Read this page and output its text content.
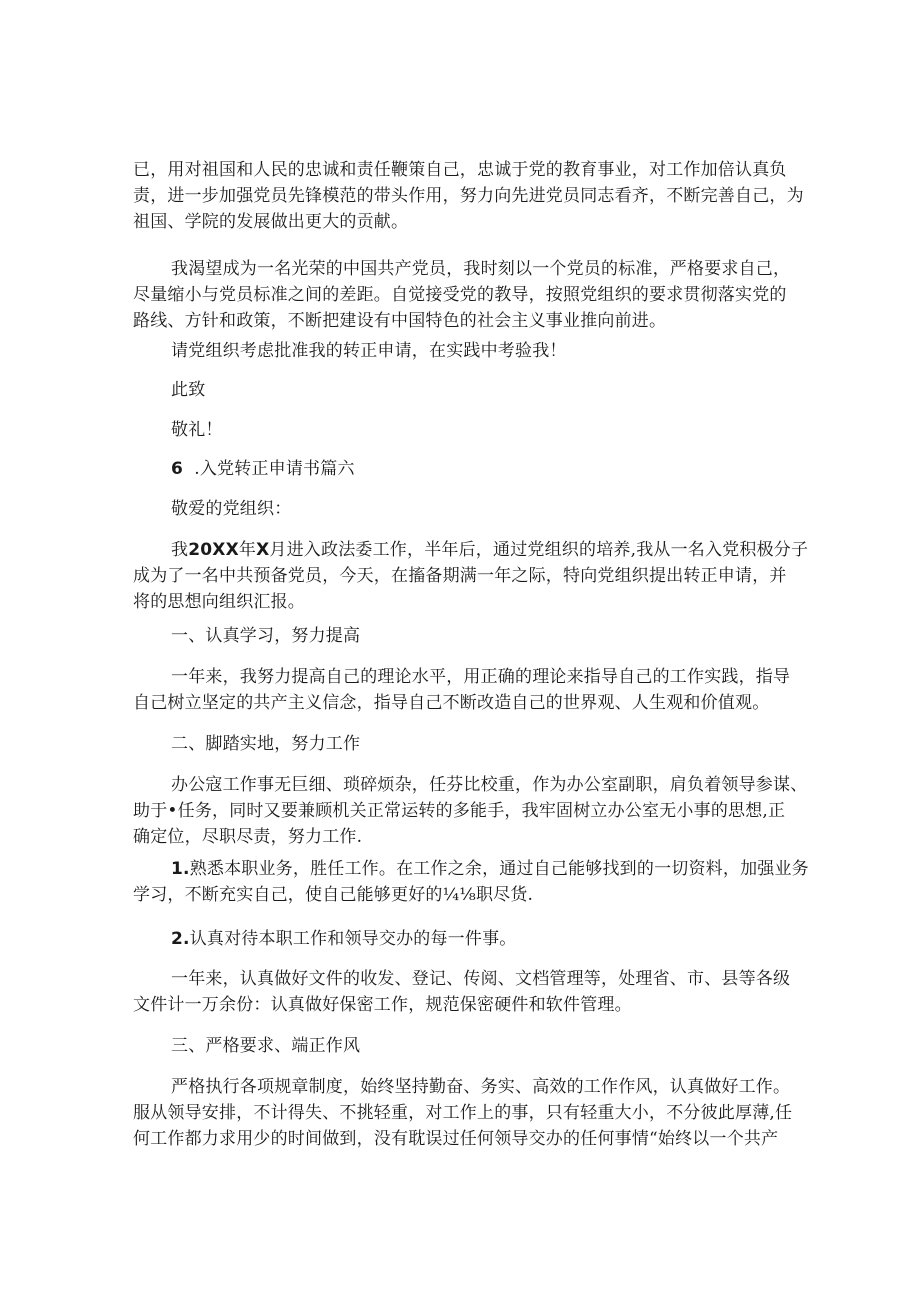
已，用对祖国和人民的忠诚和责任鞭策自己，忠诚于党的教育事业，对工作加倍认真负
责，进一步加强党员先锋模范的带头作用，努力向先进党员同志看齐，不断完善自己，为
祖国、学院的发展做出更大的贡献。
我渴望成为一名光荣的中国共产党员，我时刻以一个党员的标准，严格要求自己，
尽量缩小与党员标准之间的差距。自觉接受党的教导，按照党组织的要求贯彻落实党的
路线、方针和政策，不断把建设有中国特色的社会主义事业推向前进。
请党组织考虑批准我的转正申请，在实践中考验我！
此致
敬礼！
6  .入党转正申请书篇六
敬爱的党组织：
我20XX年X月进入政法委工作，半年后，通过党组织的培养,我从一名入党积极分子
成为了一名中共预备党员，今天，在搐备期满一年之际，特向党组织提出转正申请，并
将的思想向组织汇报。
一、认真学习，努力提高
一年来，我努力提高自己的理论水平，用正确的理论来指导自己的工作实践，指导
自己树立坚定的共产主义信念，指导自己不断改造自己的世界观、人生观和价值观。
二、脚踏实地，努力工作
办公寇工作事无巨细、琐碎烦杂，任芬比校重，作为办公室副职，肩负着领导参谋、
助于•任务，同时又要兼顾机关正常运转的多能手，我牢固树立办公室无小事的思想,正
确定位，尽职尽责，努力工作.
1.熟悉本职业务，胜任工作。在工作之余，通过自己能够找到的一切资料，加强业务
学习，不断充实自己，使自己能够更好的¼⅛职尽货.
2.认真对待本职工作和领导交办的每一件事。
一年来，认真做好文件的收发、登记、传阅、文档管理等，处理省、市、县等各级
文件计一万余份：认真做好保密工作，规范保密硬件和软件管理。
三、严格要求、端正作风
严格执行各项规章制度，始终坚持勤奋、务实、高效的工作作风，认真做好工作。
服从领导安排，不计得失、不挑轻重，对工作上的事，只有轻重大小，不分彼此厚薄,任
何工作都力求用少的时间做到，没有耽误过任何领导交办的任何事情“始终以一个共产
